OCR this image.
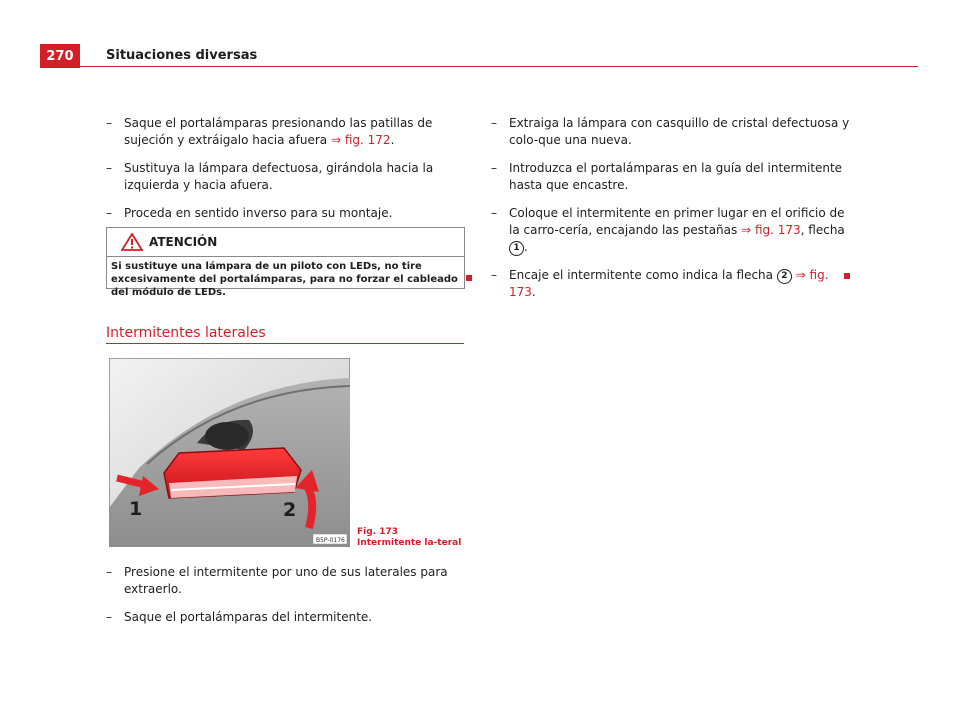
270	Situaciones diversas
– Saque el portalámparas presionando las patillas de sujeción y extráigalo hacia afuera ⇒ fig. 172.
– Sustituya la lámpara defectuosa, girándola hacia la izquierda y hacia afuera.
– Proceda en sentido inverso para su montaje.
ATENCIÓN
Si sustituye una lámpara de un piloto con LEDs, no tire excesivamente del portalámparas, para no forzar el cableado del módulo de LEDs.
Intermitentes laterales
1	2
B5P-0176
Fig. 173 Intermitente la-teral
– Presione el intermitente por uno de sus laterales para extraerlo.
– Saque el portalámparas del intermitente.
– Extraiga la lámpara con casquillo de cristal defectuosa y colo-que una nueva.
– Introduzca el portalámparas en la guía del intermitente hasta que encastre.
– Coloque el intermitente en primer lugar en el orificio de la carro-cería, encajando las pestañas ⇒ fig. 173, flecha 1 .
– Encaje el intermitente como indica la flecha 2 ⇒ fig. 173.
